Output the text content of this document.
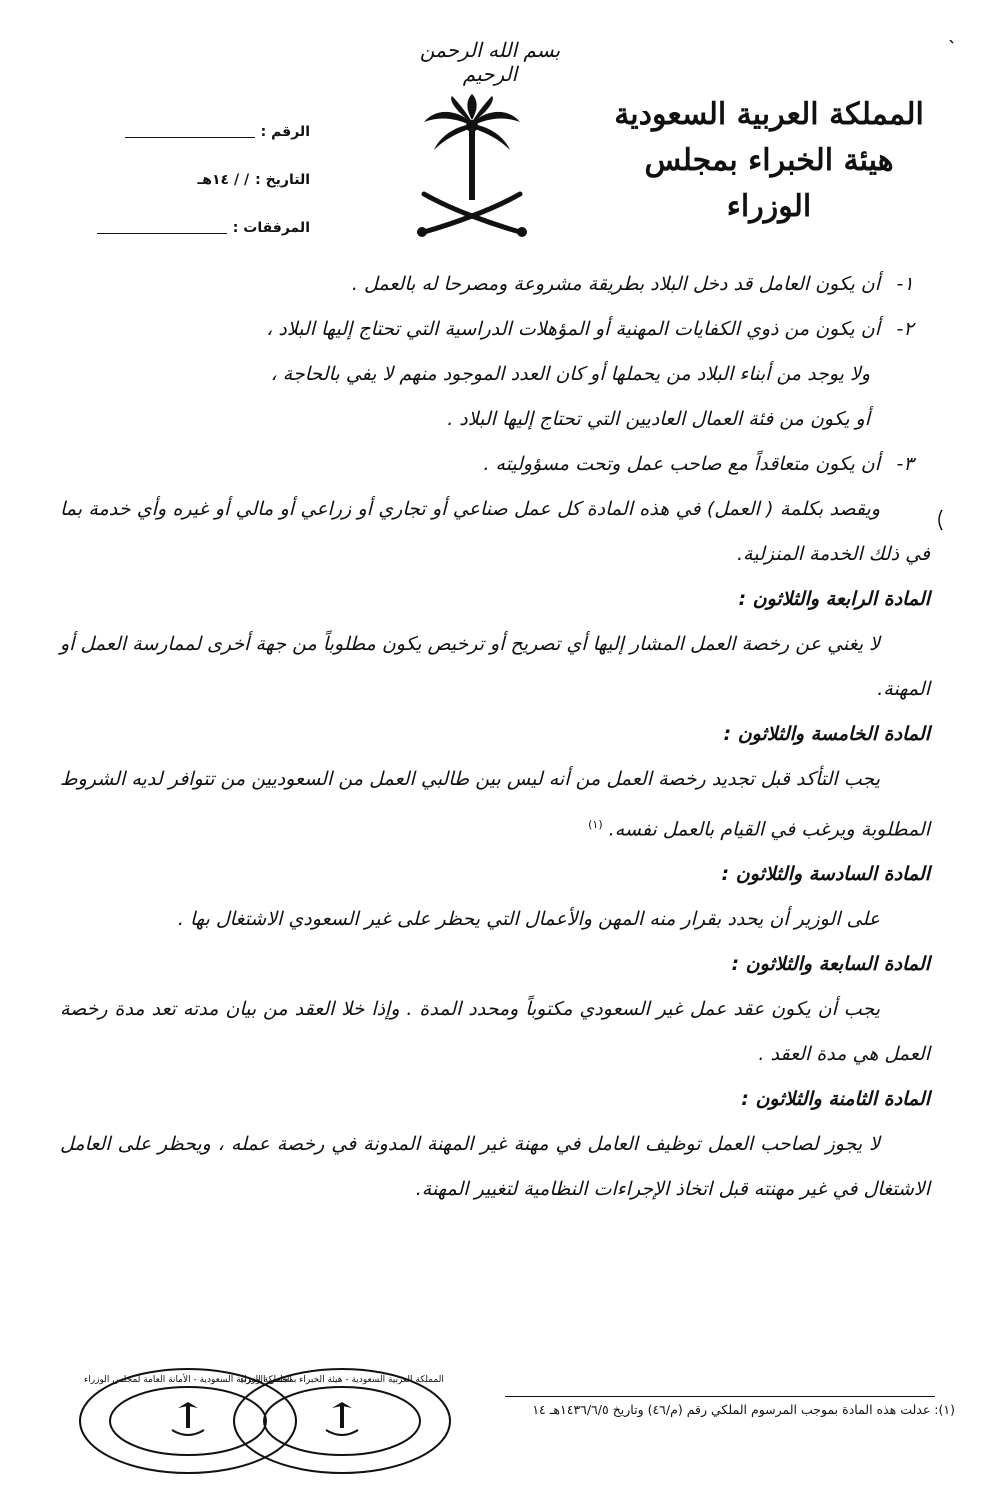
بسم الله الرحمن الرحيم
المملكة العربية السعودية
هيئة الخبراء بمجلس الوزراء
الرقم :
التاريخ :
/ / ١٤هـ
المرفقات :
١-
أن يكون العامل قد دخل البلاد بطريقة مشروعة ومصرحا له بالعمل .
٢-
أن يكون من ذوي الكفايات المهنية أو المؤهلات الدراسية التي تحتاج إليها البلاد ،
ولا يوجد من أبناء البلاد من يحملها أو كان العدد الموجود منهم لا يفي بالحاجة ،
أو يكون من فئة العمال العاديين التي تحتاج إليها البلاد .
٣-
أن يكون متعاقداً مع صاحب عمل وتحت مسؤوليته .
ويقصد بكلمة ( العمل) في هذه المادة كل عمل صناعي أو تجاري أو زراعي أو مالي أو غيره وأي خدمة بما في ذلك الخدمة المنزلية.
المادة الرابعة والثلاثون :
لا يغني عن رخصة العمل المشار إليها أي تصريح أو ترخيص يكون مطلوباً من جهة أخرى لممارسة العمل أو المهنة.
المادة الخامسة والثلاثون :
يجب التأكد قبل تجديد رخصة العمل من أنه ليس بين طالبي العمل من السعوديين من تتوافر لديه الشروط المطلوبة ويرغب في القيام بالعمل نفسه. $^{(١)}$
المادة السادسة والثلاثون :
على الوزير أن يحدد بقرار منه المهن والأعمال التي يحظر على غير السعودي الاشتغال بها .
المادة السابعة والثلاثون :
يجب أن يكون عقد عمل غير السعودي مكتوباً ومحدد المدة . وإذا خلا العقد من بيان مدته تعد مدة رخصة العمل هي مدة العقد .
المادة الثامنة والثلاثون :
لا يجوز لصاحب العمل توظيف العامل في مهنة غير المهنة المدونة في رخصة عمله ، ويحظر على العامل الاشتغال في غير مهنته قبل اتخاذ الإجراءات النظامية لتغيير المهنة.
(١): عدلت هذه المادة بموجب المرسوم الملكي رقم (م/٤٦) وتاريخ ١٤٣٦/٦/٥هـ ١٤
المملكة العربية السعودية - الأمانة العامة لمجلس الوزراء
المملكة العربية السعودية - هيئة الخبراء بمجلس الوزراء
